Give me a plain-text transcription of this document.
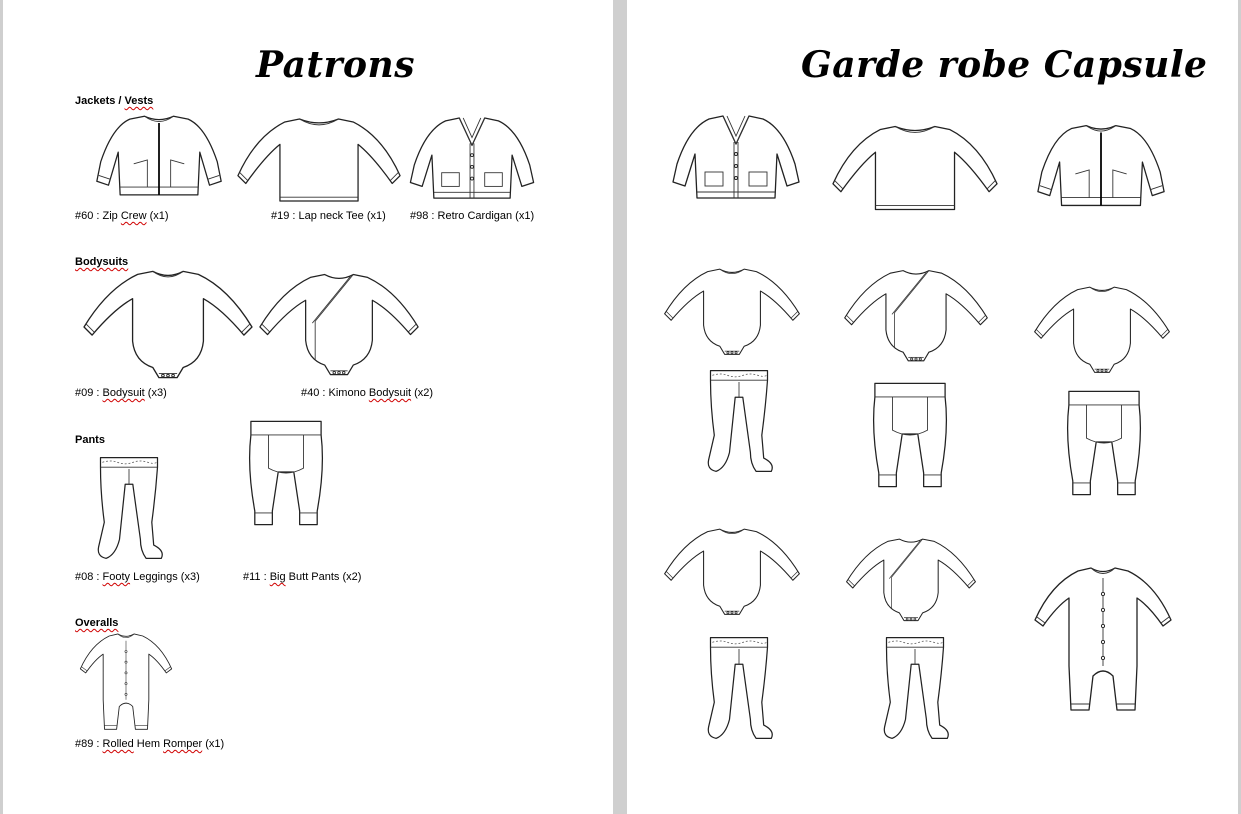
Patrons
Jackets / Vests
#60 : Zip Crew (x1)	#19 : Lap neck Tee (x1) #98 : Retro Cardigan (x1)
Bodysuits
#09 : Bodysuit (x3)	#40 : Kimono Bodysuit (x2)
Pants
#08 : Footy Leggings (x3)	#11 : Big Butt Pants (x2)
Overalls
#89 : Rolled Hem Romper (x1)
Garde robe Capsule
